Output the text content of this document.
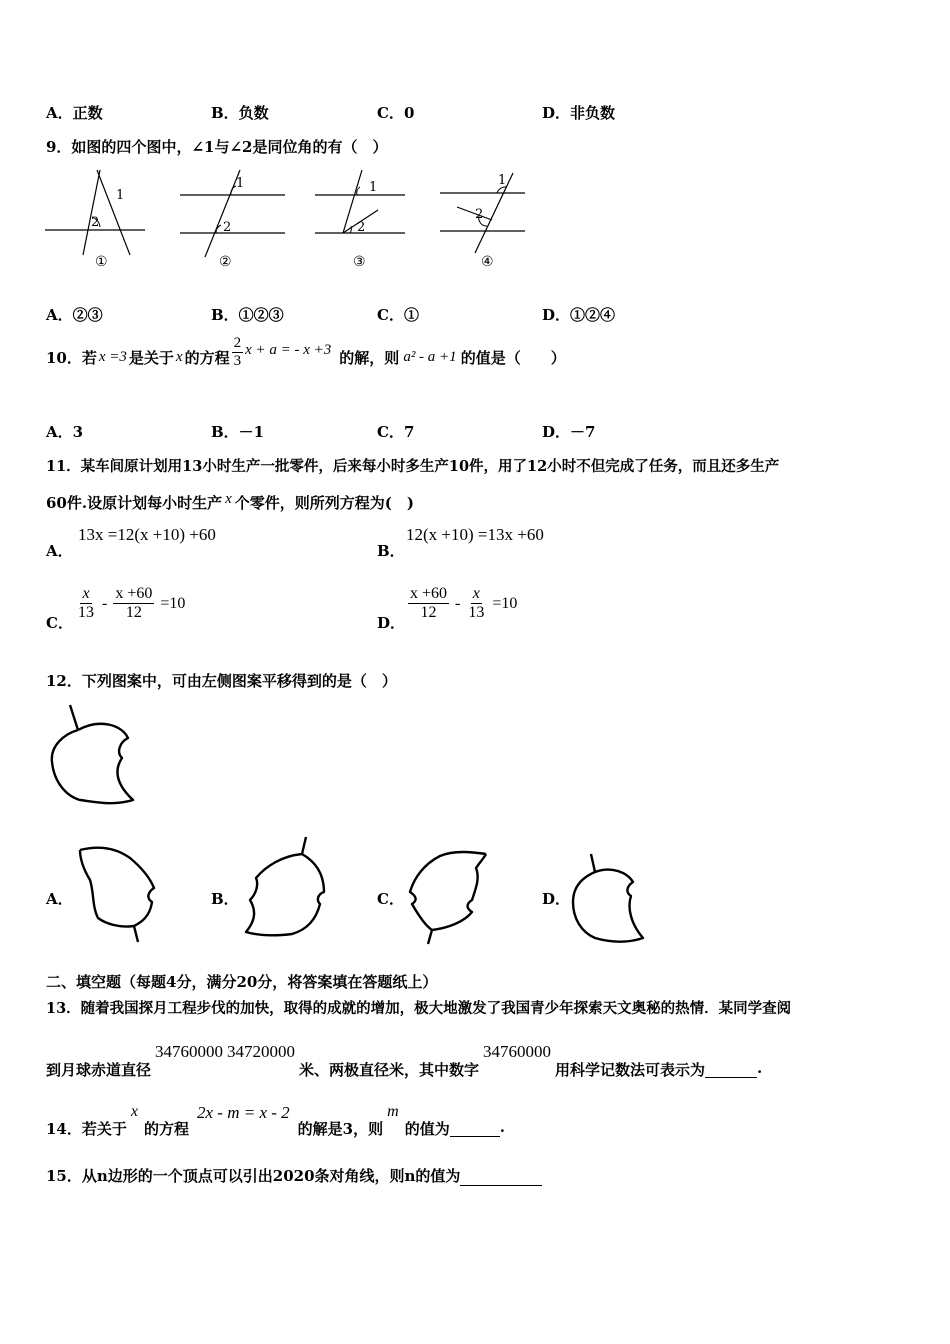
A．正数	B．负数	C．0	D．非负数
9．如图的四个图中，∠1与∠2是同位角的有（　）
1
2
①
1
2
②
1
2
③
1
2
④
A．②③	B．①②③	C．①	D．①②④
10．若 x =3 是关于 x 的方程 $\frac{2}{3}$ x + a = - x +3 的解，则 a² - a +1 的值是（　　）
A．3	B．－1	C．7	D．－7
11．某车间原计划用13小时生产一批零件，后来每小时多生产10件，用了12小时不但完成了任务，而且还多生产
60件.设原计划每小时生产 x 个零件，则所列方程为(　)
A．
13x =12(x +10) +60
B．
12(x +10) =13x +60
C．
$\frac{x}{13} - \frac{x +60}{12} =10$
D．
$\frac{x +60}{12} - \frac{x}{13} =10$
12．下列图案中，可由左侧图案平移得到的是（　）
A．	B．	C．	D．
二、填空题（每题4分，满分20分，将答案填在答题纸上）
13．随着我国探月工程步伐的加快，取得的成就的增加，极大地激发了我国青少年探索天文奥秘的热情．某同学查阅
到月球赤道直径
34760000 34720000
米、两极直径米，其中数字
34760000
用科学记数法可表示为	.
14．若关于
x
的方程
2x - m = x - 2
的解是3，则
m
的值为	.
15．从n边形的一个顶点可以引出2020条对角线，则n的值为
